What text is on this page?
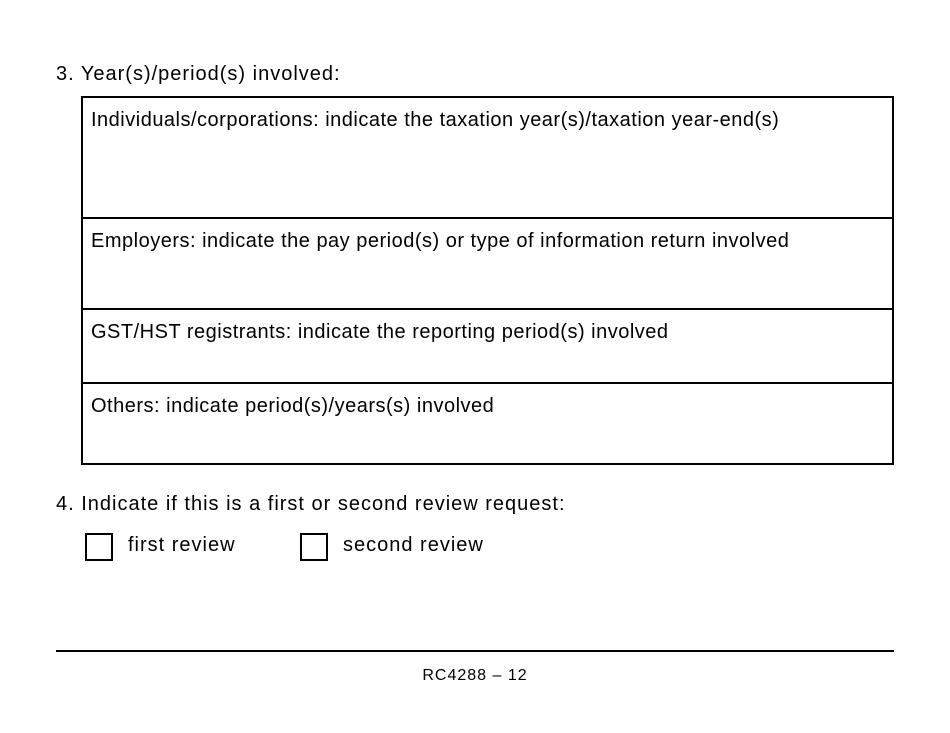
3. Year(s)/period(s) involved:
Individuals/corporations: indicate the taxation year(s)/taxation year-end(s)
Employers: indicate the pay period(s) or type of information return involved
GST/HST registrants: indicate the reporting period(s) involved
Others: indicate period(s)/years(s) involved
4. Indicate if this is a first or second review request:
first review	second review
RC4288 – 12
